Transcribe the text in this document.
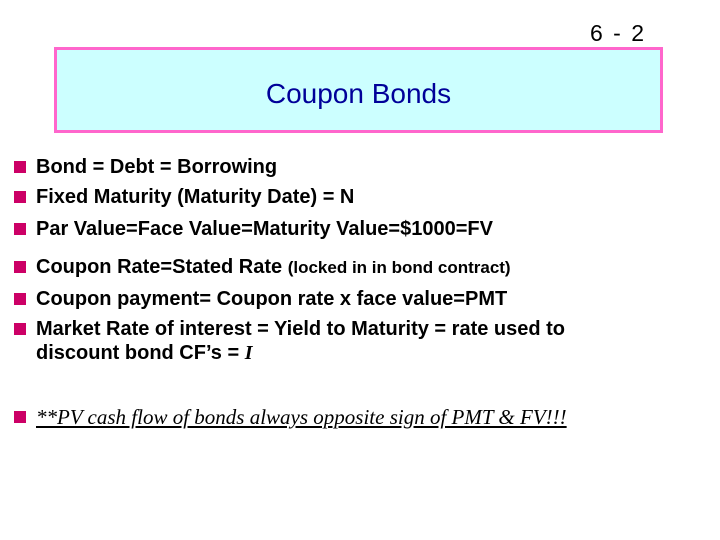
6 - 2
Coupon Bonds
Bond = Debt = Borrowing
Fixed Maturity (Maturity Date) = N
Par Value=Face Value=Maturity Value=$1000=FV
Coupon Rate=Stated Rate (locked in in bond contract)
Coupon payment= Coupon rate x face value=PMT
Market Rate of interest = Yield to Maturity = rate used to
discount bond CF’s = I
**PV cash flow of bonds always opposite sign of PMT & FV!!!
